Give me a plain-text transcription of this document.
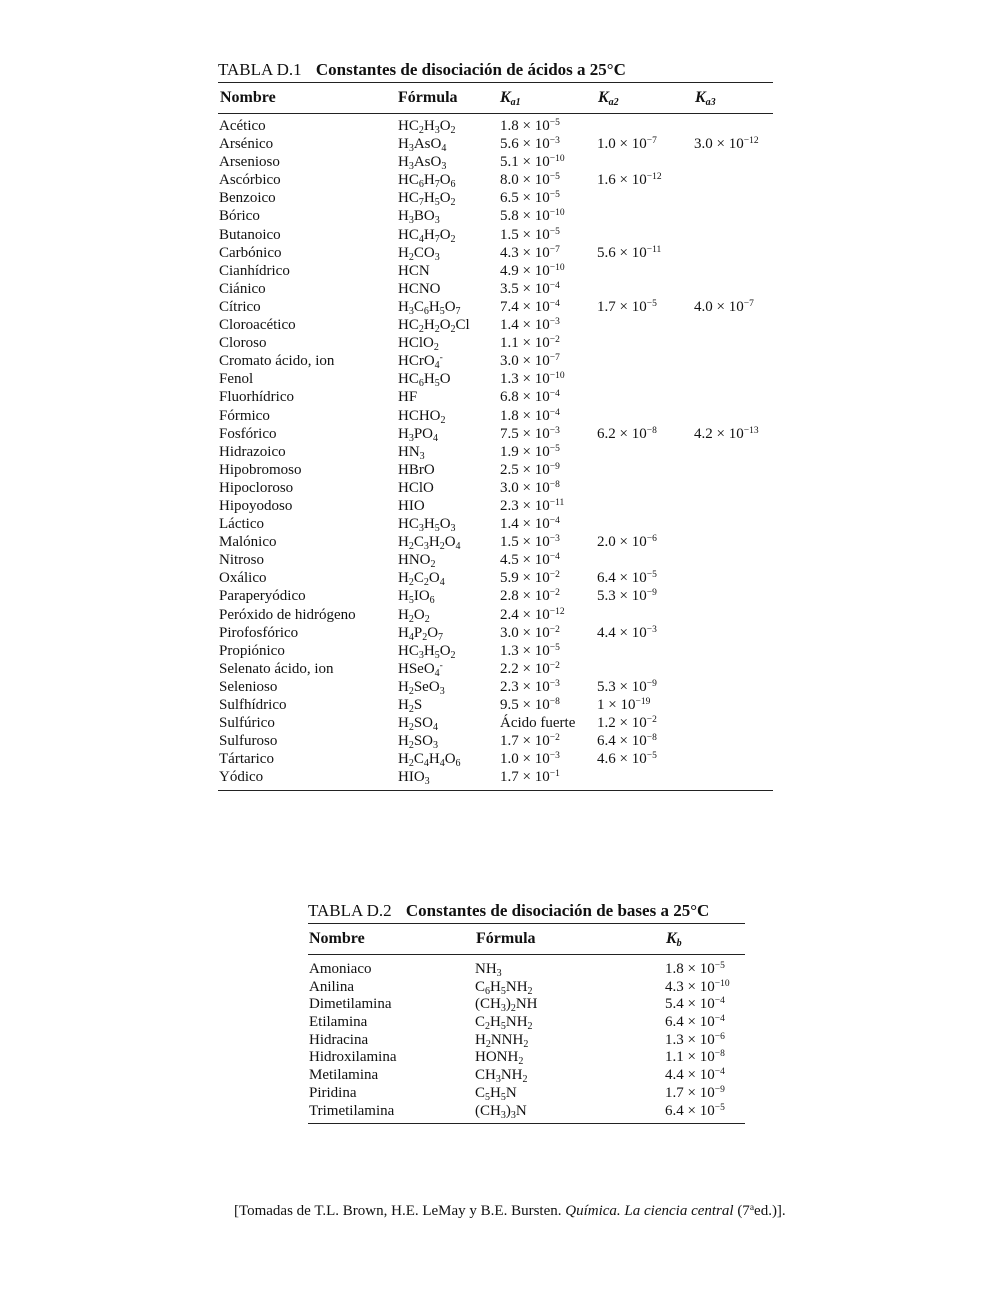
TABLA D.1 Constantes de disociación de ácidos a 25°C
Nombre	Fórmula	$K_{a1}$	$K_{a2}$	$K_{a3}$
Acético	$HC_2H_3O_2$	$1.8 \times 10^{-5}$
Arsénico	$H_3AsO_4$	$5.6 \times 10^{-3}$ $1.0 \times 10^{-7}$ $3.0 \times 10^{-12}$
Arsenioso	$H_3AsO_3$	$5.1 \times 10^{-10}$
Ascórbico	$HC_6H_7O_6$	$8.0 \times 10^{-5}$ $1.6 \times 10^{-12}$
Benzoico	$HC_7H_5O_2$	$6.5 \times 10^{-5}$
Bórico	$H_3BO_3$	$5.8 \times 10^{-10}$
Butanoico	$HC_4H_7O_2$	$1.5 \times 10^{-5}$
Carbónico	$H_2CO_3$	$4.3 \times 10^{-7}$ $5.6 \times 10^{-11}$
Cianhídrico	HCN	$4.9 \times 10^{-10}$
Ciánico	HCNO	$3.5 \times 10^{-4}$
Cítrico	$H_3C_6H_5O_7$	$7.4 \times 10^{-4}$ $1.7 \times 10^{-5}$ $4.0 \times 10^{-7}$
Cloroacético	$HC_2H_2O_2Cl$ $1.4 \times 10^{-3}$
Cloroso	HClO$_2$	$1.1 \times 10^{-2}$
Cromato ácido, ion	HCrO$_4$-	$3.0 \times 10^{-7}$
Fenol	$HC_6H_5O$	$1.3 \times 10^{-10}$
Fluorhídrico	HF	$6.8 \times 10^{-4}$
Fórmico	$HCHO_2$	$1.8 \times 10^{-4}$
Fosfórico	$H_3PO_4$	$7.5 \times 10^{-3}$ $6.2 \times 10^{-8}$ $4.2 \times 10^{-13}$
Hidrazoico	$HN_3$	$1.9 \times 10^{-5}$
Hipobromoso	HBrO	$2.5 \times 10^{-9}$
Hipocloroso	HClO	$3.0 \times 10^{-8}$
Hipoyodoso	HIO	$2.3 \times 10^{-11}$
Láctico	$HC_3H_5O_3$	$1.4 \times 10^{-4}$
Malónico	$H_2C_3H_2O_4$	$1.5 \times 10^{-3}$ $2.0 \times 10^{-6}$
Nitroso	$HNO_2$	$4.5 \times 10^{-4}$
Oxálico	$H_2C_2O_4$	$5.9 \times 10^{-2}$ $6.4 \times 10^{-5}$
Paraperyódico	$H_5IO_6$	$2.8 \times 10^{-2}$ $5.3 \times 10^{-9}$
Peróxido de hidrógeno	$H_2O_2$	$2.4 \times 10^{-12}$
Pirofosfórico	$H_4P_2O_7$	$3.0 \times 10^{-2}$ $4.4 \times 10^{-3}$
Propiónico	$HC_3H_5O_2$	$1.3 \times 10^{-5}$
Selenato ácido, ion	HSeO$_4$-	$2.2 \times 10^{-2}$
Selenioso	$H_2SeO_3$	$2.3 \times 10^{-3}$ $5.3 \times 10^{-9}$
Sulfhídrico	$H_2S$	$9.5 \times 10^{-8}$ $1 \times 10^{-19}$
Sulfúrico	$H_2SO_4$	Ácido fuerte $1.2 \times 10^{-2}$
Sulfuroso	$H_2SO_3$	$1.7 \times 10^{-2}$ $6.4 \times 10^{-8}$
Tártarico	$H_2C_4H_4O_6$	$1.0 \times 10^{-3}$ $4.6 \times 10^{-5}$
Yódico	$HIO_3$	$1.7 \times 10^{-1}$
TABLA D.2 Constantes de disociación de bases a 25°C
Nombre	Fórmula	$K_b$
Amoniaco	$NH_3$	$1.8 \times 10^{-5}$
Anilina	$C_6H_5NH_2$	$4.3 \times 10^{-10}$
Dimetilamina	$(CH_3)_2NH$	$5.4 \times 10^{-4}$
Etilamina	$C_2H_5NH_2$	$6.4 \times 10^{-4}$
Hidracina	$H_2NNH_2$	$1.3 \times 10^{-6}$
Hidroxilamina	$HONH_2$	$1.1 \times 10^{-8}$
Metilamina	$CH_3NH_2$	$4.4 \times 10^{-4}$
Piridina	$C_5H_5N$	$1.7 \times 10^{-9}$
Trimetilamina	$(CH_3)_3N$	$6.4 \times 10^{-5}$
[Tomadas de T.L. Brown, H.E. LeMay y B.E. Bursten. Química. La ciencia central (7$^a$ed.)].
